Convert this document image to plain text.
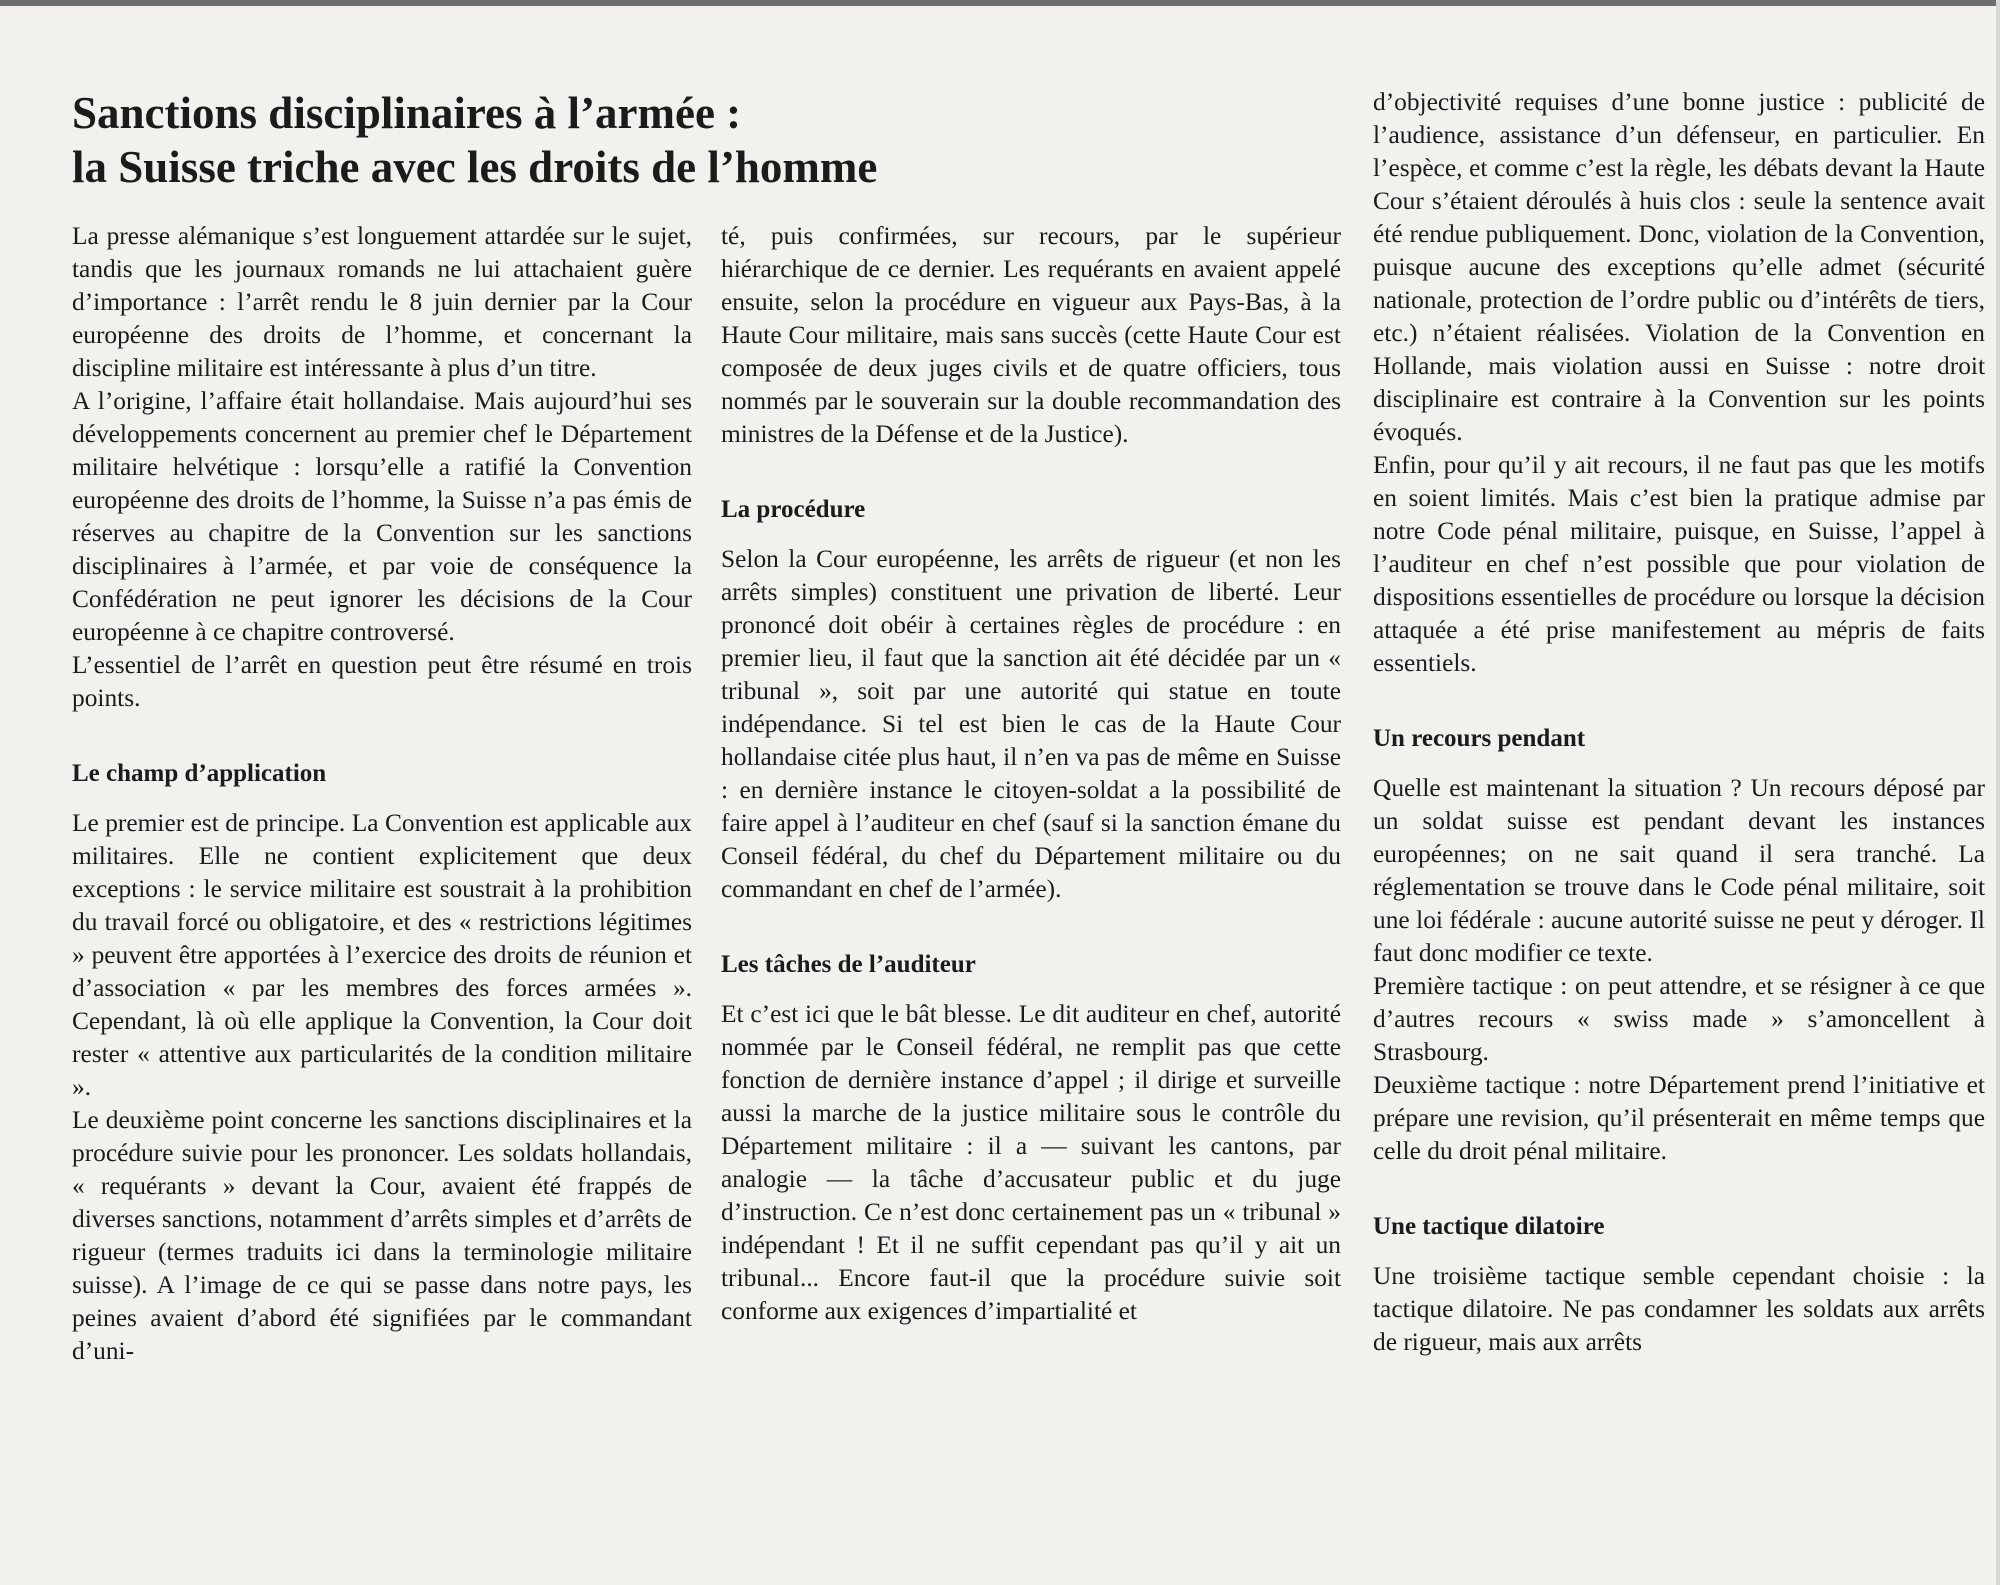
Sanctions disciplinaires à l’armée :
la Suisse triche avec les droits de l’homme

La presse alémanique s’est longuement attardée sur le sujet, tandis que les journaux romands ne lui attachaient guère d’importance : l’arrêt rendu le 8 juin dernier par la Cour européenne des droits de l’homme, et concernant la discipline militaire est intéressante à plus d’un titre.

A l’origine, l’affaire était hollandaise. Mais aujourd’hui ses développements concernent au premier chef le Département militaire helvétique : lorsqu’elle a ratifié la Convention européenne des droits de l’homme, la Suisse n’a pas émis de réserves au chapitre de la Convention sur les sanctions disciplinaires à l’armée, et par voie de conséquence la Confédération ne peut ignorer les décisions de la Cour européenne à ce chapitre controversé.

L’essentiel de l’arrêt en question peut être résumé en trois points.

Le champ d’application

Le premier est de principe. La Convention est applicable aux militaires. Elle ne contient explicitement que deux exceptions : le service militaire est soustrait à la prohibition du travail forcé ou obligatoire, et des « restrictions légitimes » peuvent être apportées à l’exercice des droits de réunion et d’association « par les membres des forces armées ». Cependant, là où elle applique la Convention, la Cour doit rester « attentive aux particularités de la condition militaire ».

Le deuxième point concerne les sanctions disciplinaires et la procédure suivie pour les prononcer. Les soldats hollandais, « requérants » devant la Cour, avaient été frappés de diverses sanctions, notamment d’arrêts simples et d’arrêts de rigueur (termes traduits ici dans la terminologie militaire suisse). A l’image de ce qui se passe dans notre pays, les peines avaient d’abord été signifiées par le commandant d’uni-

té, puis confirmées, sur recours, par le supérieur hiérarchique de ce dernier. Les requérants en avaient appelé ensuite, selon la procédure en vigueur aux Pays-Bas, à la Haute Cour militaire, mais sans succès (cette Haute Cour est composée de deux juges civils et de quatre officiers, tous nommés par le souverain sur la double recommandation des ministres de la Défense et de la Justice).

La procédure

Selon la Cour européenne, les arrêts de rigueur (et non les arrêts simples) constituent une privation de liberté. Leur prononcé doit obéir à certaines règles de procédure : en premier lieu, il faut que la sanction ait été décidée par un « tribunal », soit par une autorité qui statue en toute indépendance. Si tel est bien le cas de la Haute Cour hollandaise citée plus haut, il n’en va pas de même en Suisse : en dernière instance le citoyen-soldat a la possibilité de faire appel à l’auditeur en chef (sauf si la sanction émane du Conseil fédéral, du chef du Département militaire ou du commandant en chef de l’armée).

Les tâches de l’auditeur

Et c’est ici que le bât blesse. Le dit auditeur en chef, autorité nommée par le Conseil fédéral, ne remplit pas que cette fonction de dernière instance d’appel ; il dirige et surveille aussi la marche de la justice militaire sous le contrôle du Département militaire : il a — suivant les cantons, par analogie — la tâche d’accusateur public et du juge d’instruction. Ce n’est donc certainement pas un « tribunal » indépendant ! Et il ne suffit cependant pas qu’il y ait un tribunal... Encore faut-il que la procédure suivie soit conforme aux exigences d’impartialité et

d’objectivité requises d’une bonne justice : publicité de l’audience, assistance d’un défenseur, en particulier. En l’espèce, et comme c’est la règle, les débats devant la Haute Cour s’étaient déroulés à huis clos : seule la sentence avait été rendue publiquement. Donc, violation de la Convention, puisque aucune des exceptions qu’elle admet (sécurité nationale, protection de l’ordre public ou d’intérêts de tiers, etc.) n’étaient réalisées. Violation de la Convention en Hollande, mais violation aussi en Suisse : notre droit disciplinaire est contraire à la Convention sur les points évoqués.

Enfin, pour qu’il y ait recours, il ne faut pas que les motifs en soient limités. Mais c’est bien la pratique admise par notre Code pénal militaire, puisque, en Suisse, l’appel à l’auditeur en chef n’est possible que pour violation de dispositions essentielles de procédure ou lorsque la décision attaquée a été prise manifestement au mépris de faits essentiels.

Un recours pendant

Quelle est maintenant la situation ? Un recours déposé par un soldat suisse est pendant devant les instances européennes; on ne sait quand il sera tranché. La réglementation se trouve dans le Code pénal militaire, soit une loi fédérale : aucune autorité suisse ne peut y déroger. Il faut donc modifier ce texte.

Première tactique : on peut attendre, et se résigner à ce que d’autres recours « swiss made » s’amoncellent à Strasbourg.

Deuxième tactique : notre Département prend l’initiative et prépare une revision, qu’il présenterait en même temps que celle du droit pénal militaire.

Une tactique dilatoire

Une troisième tactique semble cependant choisie : la tactique dilatoire. Ne pas condamner les soldats aux arrêts de rigueur, mais aux arrêts
